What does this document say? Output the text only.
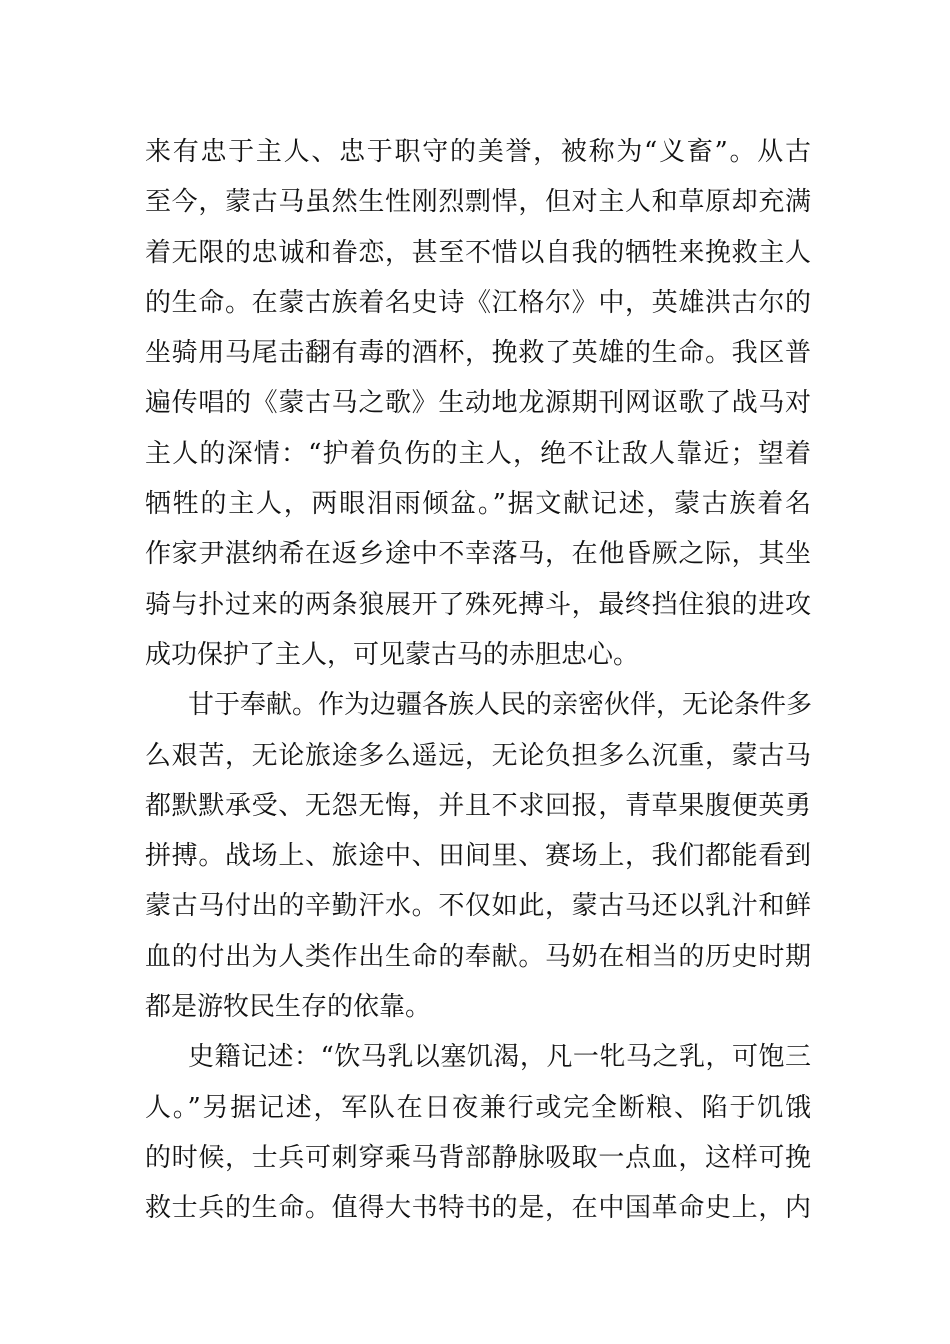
来有忠于主人、忠于职守的美誉，被称为“义畜”。从古
至今，蒙古马虽然生性刚烈剽悍，但对主人和草原却充满
着无限的忠诚和眷恋，甚至不惜以自我的牺牲来挽救主人
的生命。在蒙古族着名史诗《江格尔》中，英雄洪古尔的
坐骑用马尾击翻有毒的酒杯，挽救了英雄的生命。我区普
遍传唱的《蒙古马之歌》生动地龙源期刊网讴歌了战马对
主人的深情：“护着负伤的主人，绝不让敌人靠近；望着
牺牲的主人，两眼泪雨倾盆。”据文献记述，蒙古族着名
作家尹湛纳希在返乡途中不幸落马，在他昏厥之际，其坐
骑与扑过来的两条狼展开了殊死搏斗，最终挡住狼的进攻
成功保护了主人，可见蒙古马的赤胆忠心。
甘于奉献。作为边疆各族人民的亲密伙伴，无论条件多
么艰苦，无论旅途多么遥远，无论负担多么沉重，蒙古马
都默默承受、无怨无悔，并且不求回报，青草果腹便英勇
拼搏。战场上、旅途中、田间里、赛场上，我们都能看到
蒙古马付出的辛勤汗水。不仅如此，蒙古马还以乳汁和鲜
血的付出为人类作出生命的奉献。马奶在相当的历史时期
都是游牧民生存的依靠。
史籍记述：“饮马乳以塞饥渴，凡一牝马之乳，可饱三
人。”另据记述，军队在日夜兼行或完全断粮、陷于饥饿
的时候，士兵可刺穿乘马背部静脉吸取一点血，这样可挽
救士兵的生命。值得大书特书的是，在中国革命史上，内
